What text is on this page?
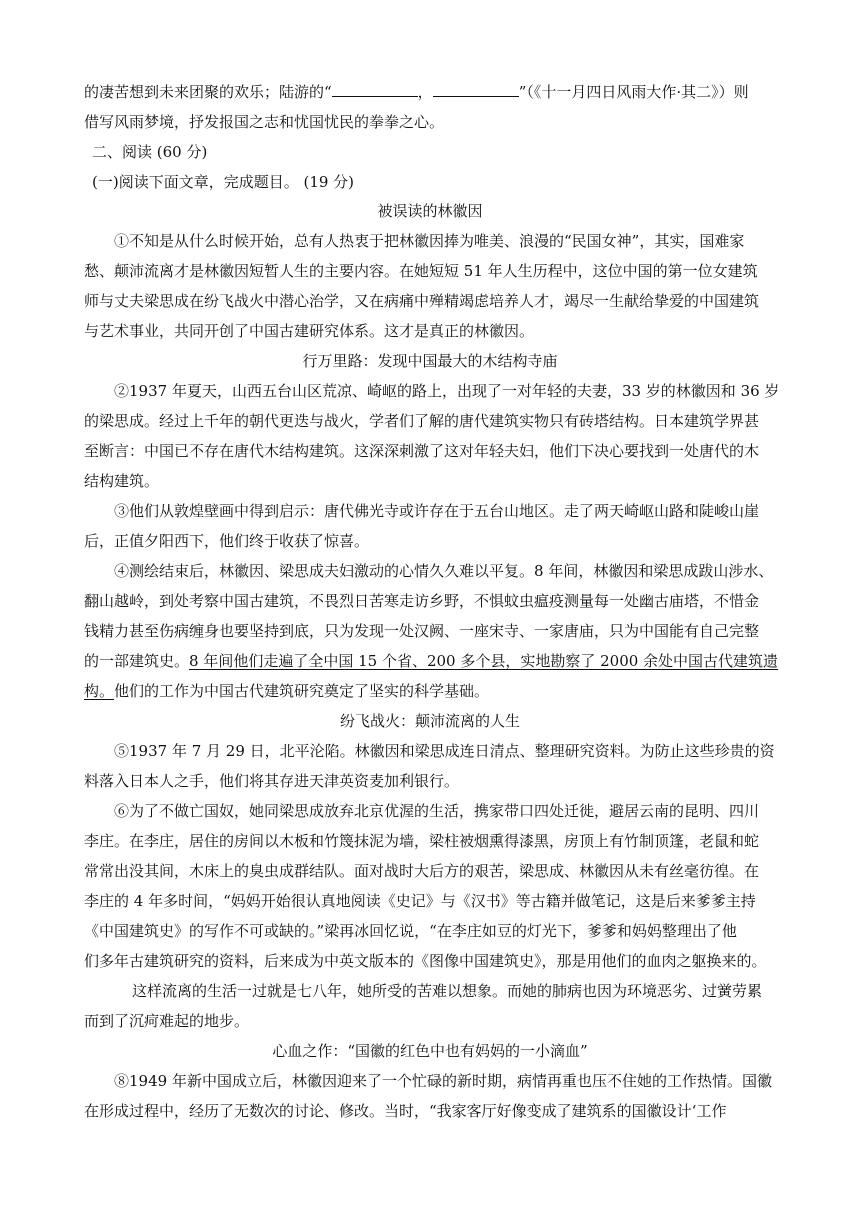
的凄苦想到未来团聚的欢乐；陆游的“	，	”（《十一月四日风雨大作·其二》）则
借写风雨梦境，抒发报国之志和忧国忧民的拳拳之心。
二、阅读 (60 分)
(一)阅读下面文章，完成题目。 (19 分)
被误读的林徽因
①不知是从什么时候开始，总有人热衷于把林徽因捧为唯美、浪漫的“民国女神”，其实，国难家
愁、颠沛流离才是林徽因短暂人生的主要内容。在她短短 51 年人生历程中，这位中国的第一位女建筑
师与丈夫梁思成在纷飞战火中潜心治学，又在病痛中殚精竭虑培养人才，竭尽一生献给挚爱的中国建筑
与艺术事业，共同开创了中国古建研究体系。这才是真正的林徽因。
行万里路：发现中国最大的木结构寺庙
②1937 年夏天，山西五台山区荒凉、崎岖的路上，出现了一对年轻的夫妻，33 岁的林徽因和 36 岁
的梁思成。经过上千年的朝代更迭与战火，学者们了解的唐代建筑实物只有砖塔结构。日本建筑学界甚
至断言：中国已不存在唐代木结构建筑。这深深刺激了这对年轻夫妇，他们下决心要找到一处唐代的木
结构建筑。
③他们从敦煌壁画中得到启示：唐代佛光寺或许存在于五台山地区。走了两天崎岖山路和陡峻山崖
后，正值夕阳西下，他们终于收获了惊喜。
④测绘结束后，林徽因、梁思成夫妇激动的心情久久难以平复。8 年间，林徽因和梁思成跋山涉水、
翻山越岭，到处考察中国古建筑，不畏烈日苦寒走访乡野，不惧蚊虫瘟疫测量每一处幽古庙塔，不惜金
钱精力甚至伤病缠身也要坚持到底，只为发现一处汉阙、一座宋寺、一家唐庙，只为中国能有自己完整
的一部建筑史。8 年间他们走遍了全中国 15 个省、200 多个县，实地勘察了 2000 余处中国古代建筑遗
构。他们的工作为中国古代建筑研究奠定了坚实的科学基础。
纷飞战火：颠沛流离的人生
⑤1937 年 7 月 29 日，北平沦陷。林徽因和梁思成连日清点、整理研究资料。为防止这些珍贵的资
料落入日本人之手，他们将其存进天津英资麦加利银行。
⑥为了不做亡国奴，她同梁思成放弃北京优渥的生活，携家带口四处迁徙，避居云南的昆明、四川
李庄。在李庄，居住的房间以木板和竹篾抹泥为墙，梁柱被烟熏得漆黑，房顶上有竹制顶篷，老鼠和蛇
常常出没其间，木床上的臭虫成群结队。面对战时大后方的艰苦，梁思成、林徽因从未有丝毫彷徨。在
李庄的 4 年多时间，“妈妈开始很认真地阅读《史记》与《汉书》等古籍并做笔记，这是后来爹爹主持
《中国建筑史》的写作不可或缺的。”梁再冰回忆说，“在李庄如豆的灯光下，爹爹和妈妈整理出了他
们多年古建筑研究的资料，后来成为中英文版本的《图像中国建筑史》，那是用他们的血肉之躯换来的。
这样流离的生活一过就是七八年，她所受的苦难以想象。而她的肺病也因为环境恶劣、过黉劳累
而到了沉疴难起的地步。
心血之作：“国徽的红色中也有妈妈的一小滴血”
⑧1949 年新中国成立后，林徽因迎来了一个忙碌的新时期，病情再重也压不住她的工作热情。国徽
在形成过程中，经历了无数次的讨论、修改。当时，“我家客厅好像变成了建筑系的国徽设计‘工作
